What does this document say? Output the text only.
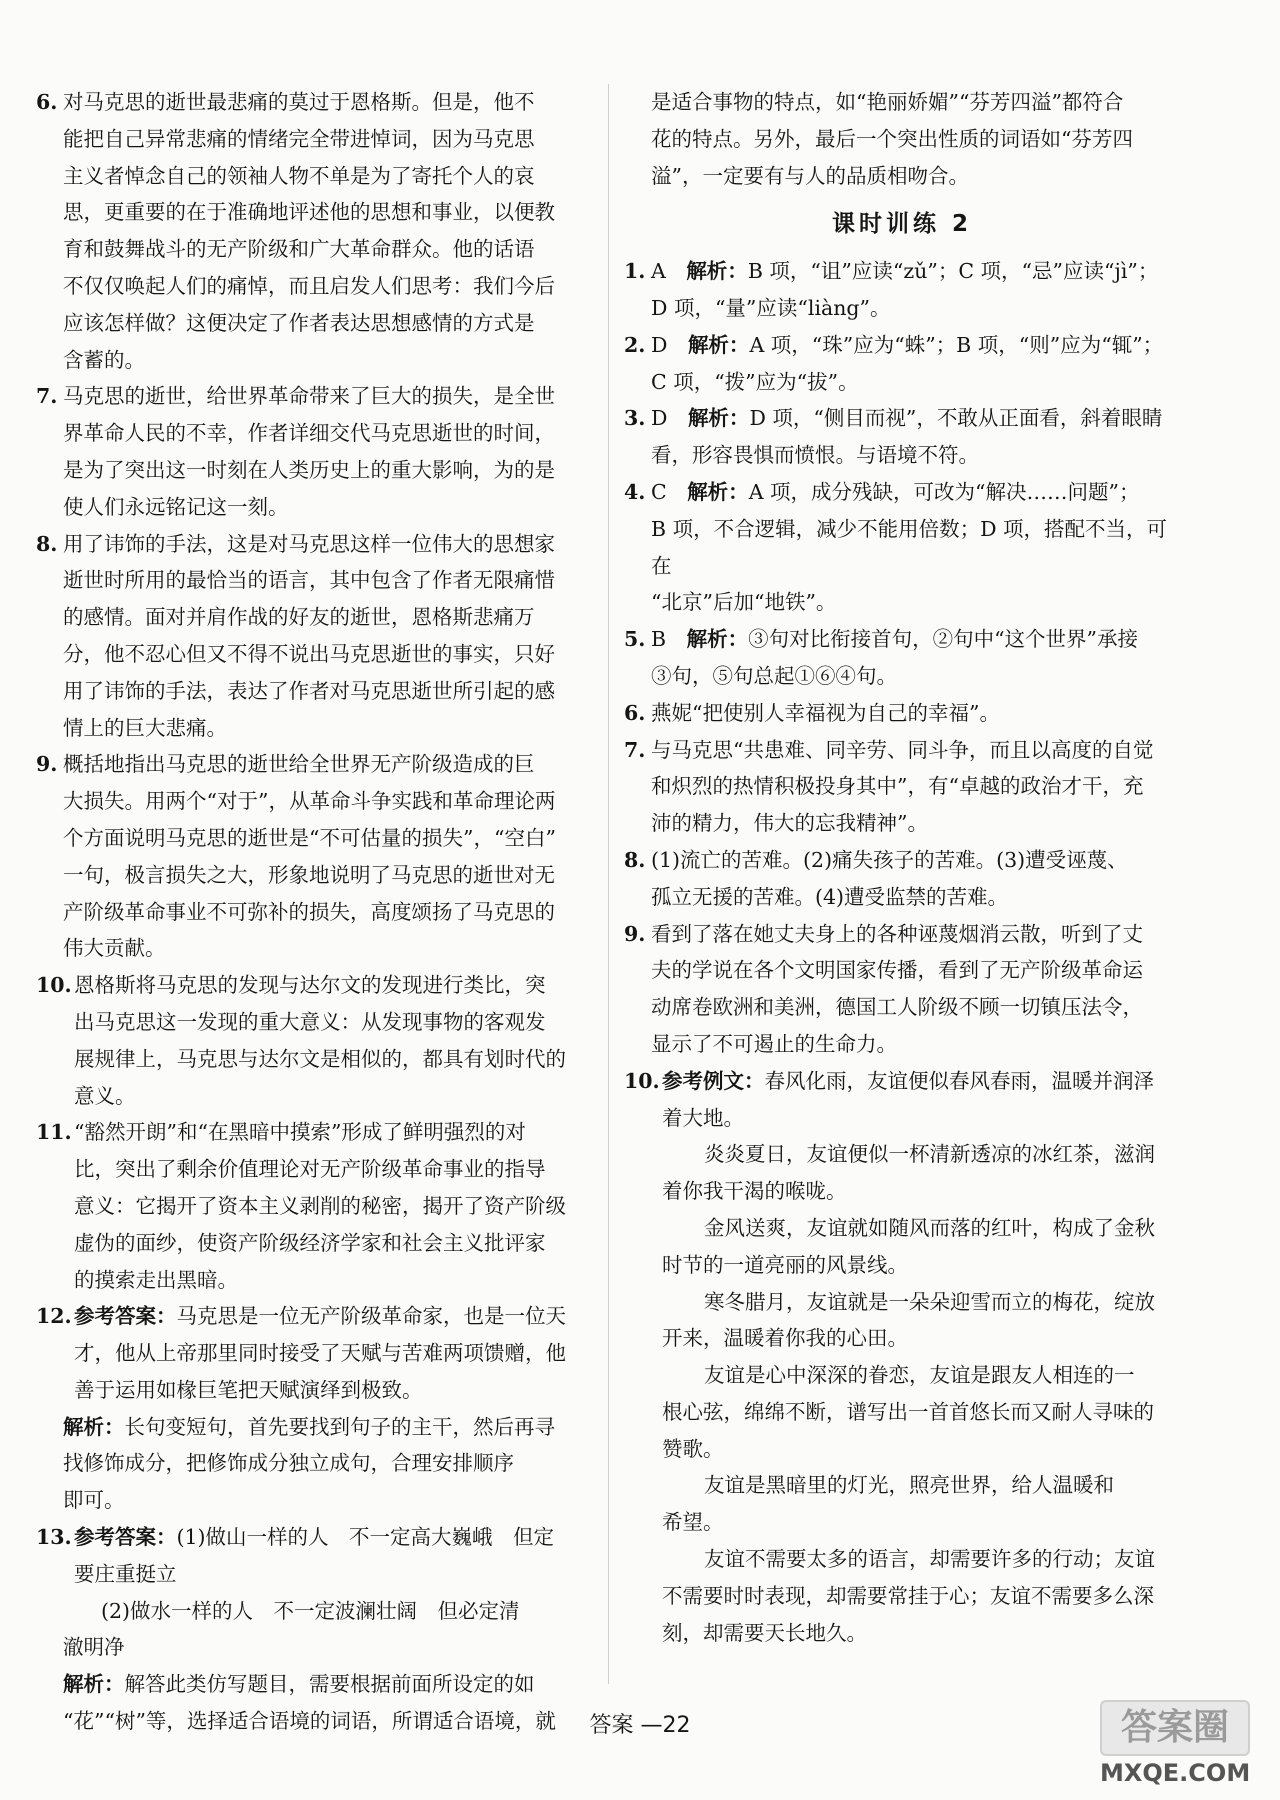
6. 对马克思的逝世最悲痛的莫过于恩格斯。但是，他不
能把自己异常悲痛的情绪完全带进悼词，因为马克思
主义者悼念自己的领袖人物不单是为了寄托个人的哀
思，更重要的在于准确地评述他的思想和事业，以便教
育和鼓舞战斗的无产阶级和广大革命群众。他的话语
不仅仅唤起人们的痛悼，而且启发人们思考：我们今后
应该怎样做？这便决定了作者表达思想感情的方式是
含蓄的。
7. 马克思的逝世，给世界革命带来了巨大的损失，是全世
界革命人民的不幸，作者详细交代马克思逝世的时间，
是为了突出这一时刻在人类历史上的重大影响，为的是
使人们永远铭记这一刻。
8. 用了讳饰的手法，这是对马克思这样一位伟大的思想家
逝世时所用的最恰当的语言，其中包含了作者无限痛惜
的感情。面对并肩作战的好友的逝世，恩格斯悲痛万
分，他不忍心但又不得不说出马克思逝世的事实，只好
用了讳饰的手法，表达了作者对马克思逝世所引起的感
情上的巨大悲痛。
9. 概括地指出马克思的逝世给全世界无产阶级造成的巨
大损失。用两个“对于”，从革命斗争实践和革命理论两
个方面说明马克思的逝世是“不可估量的损失”，“空白”
一句，极言损失之大，形象地说明了马克思的逝世对无
产阶级革命事业不可弥补的损失，高度颂扬了马克思的
伟大贡献。
10. 恩格斯将马克思的发现与达尔文的发现进行类比，突
出马克思这一发现的重大意义：从发现事物的客观发
展规律上，马克思与达尔文是相似的，都具有划时代的
意义。
11. “豁然开朗”和“在黑暗中摸索”形成了鲜明强烈的对
比，突出了剩余价值理论对无产阶级革命事业的指导
意义：它揭开了资本主义剥削的秘密，揭开了资产阶级
虚伪的面纱，使资产阶级经济学家和社会主义批评家
的摸索走出黑暗。
12. 参考答案：马克思是一位无产阶级革命家，也是一位天
才，他从上帝那里同时接受了天赋与苦难两项馈赠，他
善于运用如椽巨笔把天赋演绎到极致。
解析：长句变短句，首先要找到句子的主干，然后再寻
找修饰成分，把修饰成分独立成句，合理安排顺序
即可。
13. 参考答案：(1)做山一样的人　不一定高大巍峨　但定
要庄重挺立
(2)做水一样的人　不一定波澜壮阔　但必定清
澈明净
解析：解答此类仿写题目，需要根据前面所设定的如
“花”“树”等，选择适合语境的词语，所谓适合语境，就
是适合事物的特点，如“艳丽娇媚”“芬芳四溢”都符合
花的特点。另外，最后一个突出性质的词语如“芬芳四
溢”，一定要有与人的品质相吻合。
课时训练 2
1. A　 解析：B 项，“诅”应读“zǔ”；C 项，“忌”应读“jì”；
D 项，“量”应读“liàng”。
2. D　 解析：A 项，“珠”应为“蛛”；B 项，“则”应为“辄”；
C 项，“拨”应为“拔”。
3. D　 解析：D 项，“侧目而视”，不敢从正面看，斜着眼睛
看，形容畏惧而愤恨。与语境不符。
4. C　 解析：A 项，成分残缺，可改为“解决……问题”；
B 项，不合逻辑，减少不能用倍数；D 项，搭配不当，可在
“北京”后加“地铁”。
5. B　 解析：③句对比衔接首句，②句中“这个世界”承接
③句，⑤句总起①⑥④句。
6. 燕妮“把使别人幸福视为自己的幸福”。
7. 与马克思“共患难、同辛劳、同斗争，而且以高度的自觉
和炽烈的热情积极投身其中”，有“卓越的政治才干，充
沛的精力，伟大的忘我精神”。
8. (1)流亡的苦难。(2)痛失孩子的苦难。(3)遭受诬蔑、
孤立无援的苦难。(4)遭受监禁的苦难。
9. 看到了落在她丈夫身上的各种诬蔑烟消云散，听到了丈
夫的学说在各个文明国家传播，看到了无产阶级革命运
动席卷欧洲和美洲，德国工人阶级不顾一切镇压法令，
显示了不可遏止的生命力。
10. 参考例文：春风化雨，友谊便似春风春雨，温暖并润泽
着大地。
炎炎夏日，友谊便似一杯清新透凉的冰红茶，滋润
着你我干渴的喉咙。
金风送爽，友谊就如随风而落的红叶，构成了金秋
时节的一道亮丽的风景线。
寒冬腊月，友谊就是一朵朵迎雪而立的梅花，绽放
开来，温暖着你我的心田。
友谊是心中深深的眷恋，友谊是跟友人相连的一
根心弦，绵绵不断，谱写出一首首悠长而又耐人寻味的
赞歌。
友谊是黑暗里的灯光，照亮世界，给人温暖和
希望。
友谊不需要太多的语言，却需要许多的行动；友谊
不需要时时表现，却需要常挂于心；友谊不需要多么深
刻，却需要天长地久。
答案 —22	答案圈
MXQE.COM
